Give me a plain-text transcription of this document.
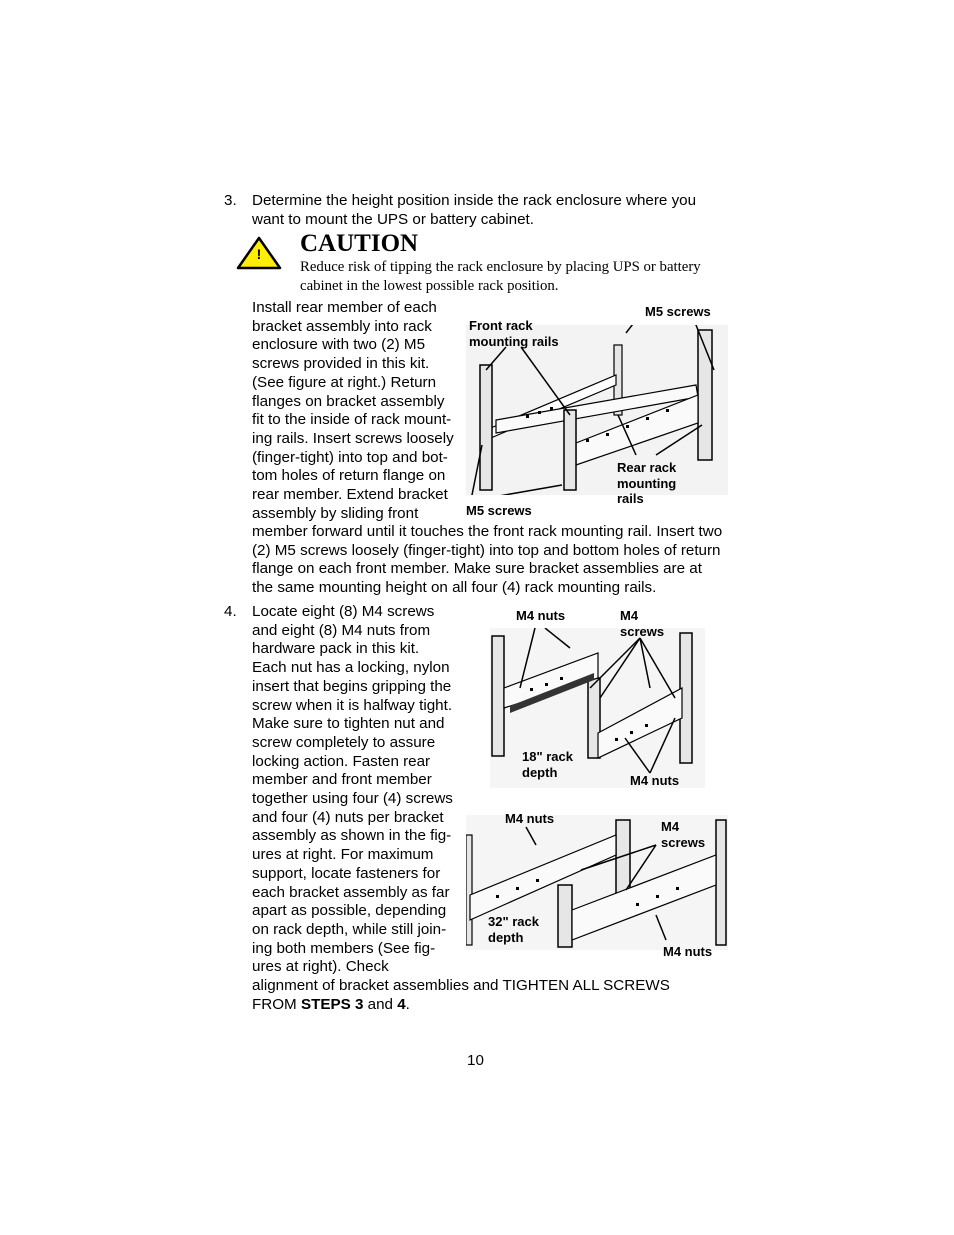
3. Determine the height position inside the rack enclosure where you want to mount the UPS or battery cabinet.
! CAUTION
Reduce risk of tipping the rack enclosure by placing UPS or battery cabinet in the lowest possible rack position.
Install rear member of each
bracket assembly into rack
enclosure with two (2) M5
screws provided in this kit.
(See figure at right.) Return
flanges on bracket assembly
fit to the inside of rack mount-
ing rails. Insert screws loosely
(finger-tight) into top and bot-
tom holes of return flange on
rear member. Extend bracket
assembly by sliding front
member forward until it touches the front rack mounting rail. Insert two (2) M5 screws loosely (finger-tight) into top and bottom holes of return flange on each front member. Make sure bracket assemblies are at the same mounting height on all four (4) rack mounting rails.
Front rack mounting rails
M5 screws
Rear rack mounting rails
M5 screws
4. Locate eight (8) M4 screws
and eight (8) M4 nuts from
hardware pack in this kit.
Each nut has a locking, nylon
insert that begins gripping the
screw when it is halfway tight.
Make sure to tighten nut and
screw completely to assure
locking action. Fasten rear
member and front member
together using four (4) screws
and four (4) nuts per bracket
assembly as shown in the fig-
ures at right. For maximum
support, locate fasteners for
each bracket assembly as far
apart as possible, depending
on rack depth, while still join-
ing both members (See fig-
ures at right). Check
alignment of bracket assemblies and TIGHTEN ALL SCREWS
FROM STEPS 3 and 4.
M4 nuts	M4 screws
18" rack depth
M4 nuts
M4 nuts
M4 screws
32" rack depth
M4 nuts
10
